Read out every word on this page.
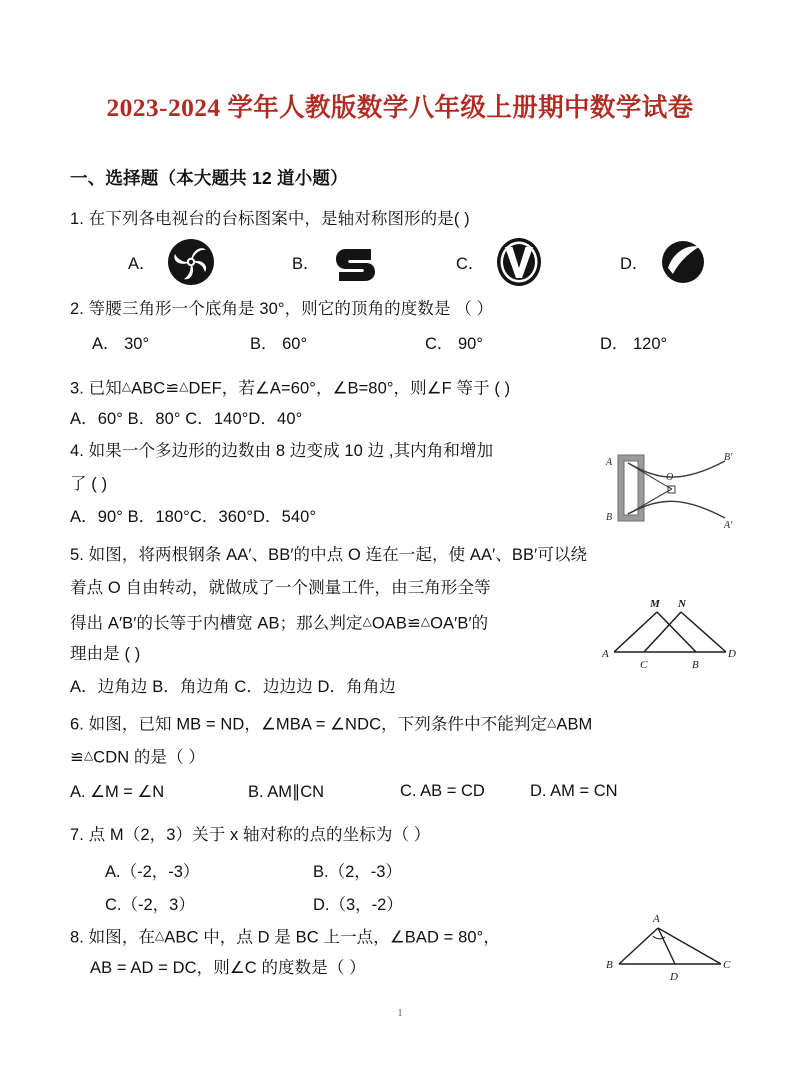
2023-2024 学年人教版数学八年级上册期中数学试卷
一、选择题（本大题共 12 道小题）
1. 在下列各电视台的台标图案中，是轴对称图形的是( )
A．	B．	C．	D．
2. 等腰三角形一个底角是 30°，则它的顶角的度数是 （ ）
A． 30°	B． 60°	C． 90°	D． 120°
3. 已知△ABC≌△DEF，若∠A=60°，∠B=80°，则∠F 等于 ( )
A．60° B．80° C．140°D．40°
4. 如果一个多边形的边数由 8 边变成 10 边 ,其内角和增加
了 ( )
A．90° B．180°C．360°D．540°
A
B
O
B'
A'
5. 如图，将两根钢条 AA′、BB′的中点 O 连在一起，使 AA′、BB′可以绕
着点 O 自由转动，就做成了一个测量工件，由三角形全等
得出 A′B′的长等于内槽宽 AB；那么判定△OAB≌△OA′B′的
理由是 ( )
A．边角边 B．角边角 C．边边边 D．角角边
M N
A
C	B
D
6. 如图，已知 MB = ND，∠MBA = ∠NDC，下列条件中不能判定△ABM
≌△CDN 的是（ ）
A. ∠M = ∠N	B. AM∥CN	C. AB = CD	D. AM = CN
7. 点 M（2，3）关于 x 轴对称的点的坐标为（ ）
A.（-2，-3）	B.（2，-3）
C.（-2，3）	D.（3，-2）
8. 如图，在△ABC 中，点 D 是 BC 上一点，∠BAD = 80°，
AB = AD = DC，则∠C 的度数是（ ）
A
B
D
C
1
